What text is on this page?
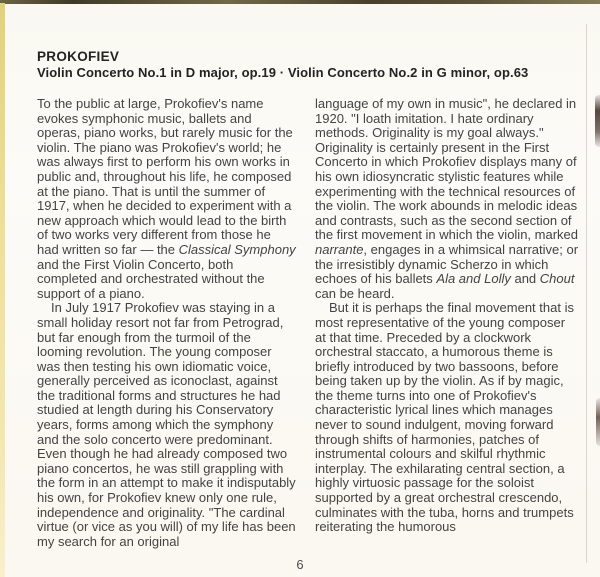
PROKOFIEV
Violin Concerto No.1 in D major, op.19 · Violin Concerto No.2 in G minor, op.63

To the public at large, Prokofiev's name evokes symphonic music, ballets and operas, piano works, but rarely music for the violin. The piano was Prokofiev's world; he was always first to perform his own works in public and, throughout his life, he composed at the piano. That is until the summer of 1917, when he decided to experiment with a new approach which would lead to the birth of two works very different from those he had written so far — the Classical Symphony and the First Violin Concerto, both completed and orchestrated without the support of a piano.

In July 1917 Prokofiev was staying in a small holiday resort not far from Petrograd, but far enough from the turmoil of the looming revolution. The young composer was then testing his own idiomatic voice, generally perceived as iconoclast, against the traditional forms and structures he had studied at length during his Conservatory years, forms among which the symphony and the solo concerto were predominant. Even though he had already composed two piano concertos, he was still grappling with the form in an attempt to make it indisputably his own, for Prokofiev knew only one rule, independence and originality. "The cardinal virtue (or vice as you will) of my life has been my search for an original

language of my own in music", he declared in 1920. "I loath imitation. I hate ordinary methods. Originality is my goal always." Originality is certainly present in the First Concerto in which Prokofiev displays many of his own idiosyncratic stylistic features while experimenting with the technical resources of the violin. The work abounds in melodic ideas and contrasts, such as the second section of the first movement in which the violin, marked narrante, engages in a whimsical narrative; or the irresistibly dynamic Scherzo in which echoes of his ballets Ala and Lolly and Chout can be heard.

But it is perhaps the final movement that is most representative of the young composer at that time. Preceded by a clockwork orchestral staccato, a humorous theme is briefly introduced by two bassoons, before being taken up by the violin. As if by magic, the theme turns into one of Prokofiev's characteristic lyrical lines which manages never to sound indulgent, moving forward through shifts of harmonies, patches of instrumental colours and skilful rhythmic interplay. The exhilarating central section, a highly virtuosic passage for the soloist supported by a great orchestral crescendo, culminates with the tuba, horns and trumpets reiterating the humorous

6
